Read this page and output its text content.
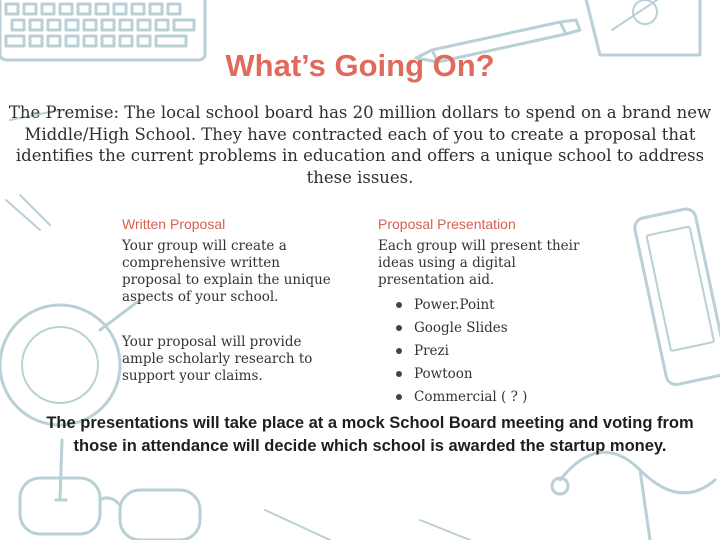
What’s Going On?
The Premise: The local school board has 20 million dollars to spend on a brand new Middle/High School. They have contracted each of you to create a proposal that identifies the current problems in education and offers a unique school to address these issues.
Written Proposal
Your group will create a comprehensive written proposal to explain the unique aspects of your school.
Your proposal will provide ample scholarly research to support your claims.
Proposal Presentation
Each group will present their ideas using a digital presentation aid.
Power.Point
Google Slides
Prezi
Powtoon
Commercial ( ? )
The presentations will take place at a mock School Board meeting and voting from those in attendance will decide which school is awarded the startup money.
